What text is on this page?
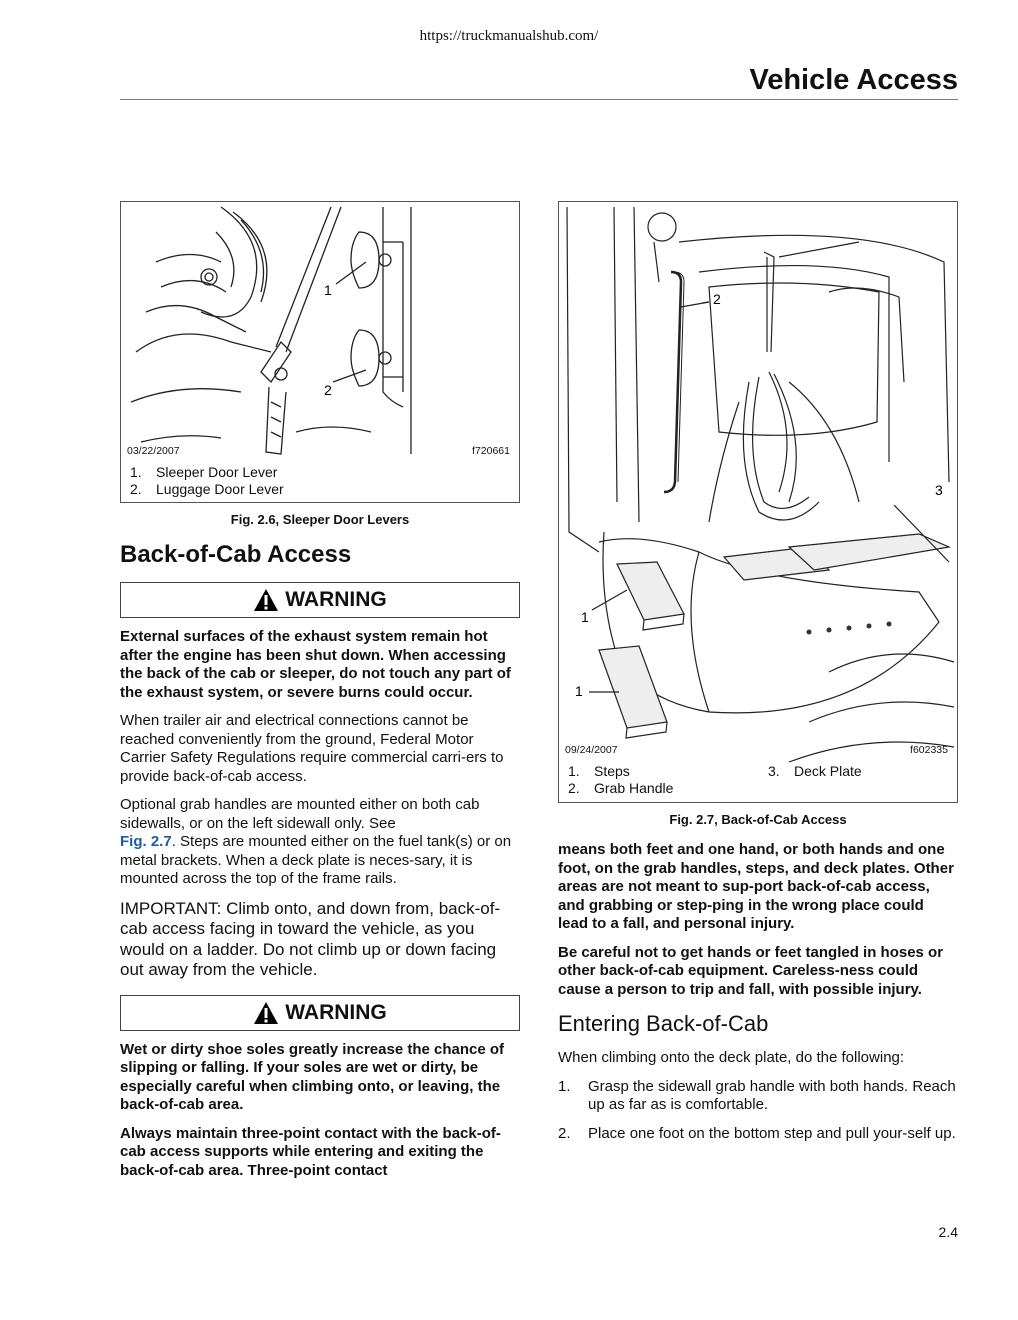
https://truckmanualshub.com/
Vehicle Access
1
2
03/22/2007	f720661
1. Sleeper Door Lever
2. Luggage Door Lever
Fig. 2.6, Sleeper Door Levers
Back-of-Cab Access
WARNING
External surfaces of the exhaust system remain hot after the engine has been shut down. When accessing the back of the cab or sleeper, do not touch any part of the exhaust system, or severe burns could occur.

When trailer air and electrical connections cannot be reached conveniently from the ground, Federal Motor Carrier Safety Regulations require commercial carri-ers to provide back-of-cab access.

Optional grab handles are mounted either on both cab sidewalls, or on the left sidewall only. See
Fig. 2.7. Steps are mounted either on the fuel tank(s) or on metal brackets. When a deck plate is neces-sary, it is mounted across the top of the frame rails.

IMPORTANT: Climb onto, and down from, back-of-cab access facing in toward the vehicle, as you would on a ladder. Do not climb up or down facing out away from the vehicle.
WARNING
Wet or dirty shoe soles greatly increase the chance of slipping or falling. If your soles are wet or dirty, be especially careful when climbing onto, or leaving, the back-of-cab area.
Always maintain three-point contact with the back-of-cab access supports while entering and exiting the back-of-cab area. Three-point contact
2
3
1
1
09/24/2007	f602335
1. Steps
2. Grab Handle
3. Deck Plate
Fig. 2.7, Back-of-Cab Access
means both feet and one hand, or both hands and one foot, on the grab handles, steps, and deck plates. Other areas are not meant to sup-port back-of-cab access, and grabbing or step-ping in the wrong place could lead to a fall, and personal injury.
Be careful not to get hands or feet tangled in hoses or other back-of-cab equipment. Careless-ness could cause a person to trip and fall, with possible injury.
Entering Back-of-Cab

When climbing onto the deck plate, do the following:

1.	Grasp the sidewall grab handle with both hands. Reach up as far as is comfortable.
2.	Place one foot on the bottom step and pull your-self up.
2.4
